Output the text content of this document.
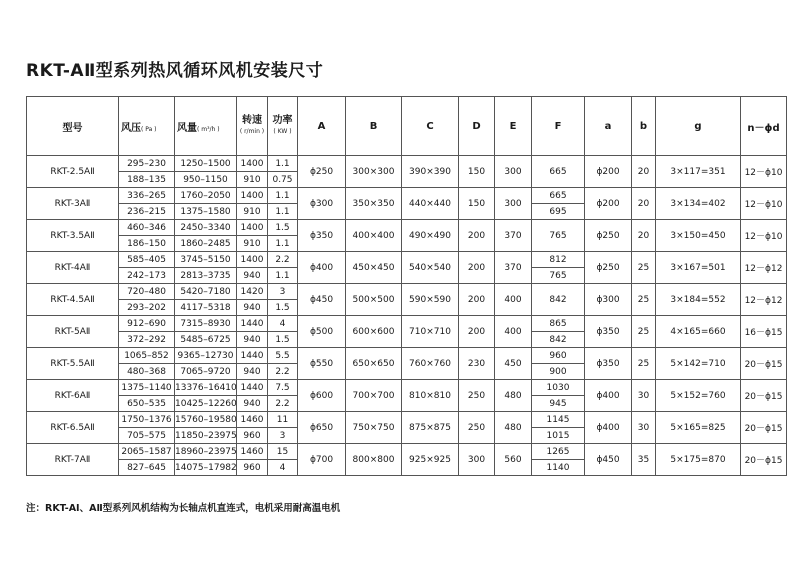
RKT-AⅡ型系列热风循环风机安装尺寸
型号	风压( Pa )	风量( m³/h )	转速
( r/min )	功率
( KW )	A	B	C	D	E	F	a	b	g	n－ϕd
RKT-2.5AⅡ	295–230	1250–1500	1400	1.1	ϕ250	300×300	390×390	150	300	665	ϕ200	20	3×117=351	12－ϕ10
	188–135	950–1150	910	0.75										
RKT-3AⅡ	336–265	1760–2050	1400	1.1	ϕ300	350×350	440×440	150	300	665	ϕ200	20	3×134=402	12－ϕ10
	236–215	1375–1580	910	1.1						695				
RKT-3.5AⅡ	460–346	2450–3340	1400	1.5	ϕ350	400×400	490×490	200	370	765	ϕ250	20	3×150=450	12－ϕ10
	186–150	1860–2485	910	1.1										
RKT-4AⅡ	585–405	3745–5150	1400	2.2	ϕ400	450×450	540×540	200	370	812	ϕ250	25	3×167=501	12－ϕ12
	242–173	2813–3735	940	1.1						765				
RKT-4.5AⅡ	720–480	5420–7180	1420	3	ϕ450	500×500	590×590	200	400	842	ϕ300	25	3×184=552	12－ϕ12
	293–202	4117–5318	940	1.5										
RKT-5AⅡ	912–690	7315–8930	1440	4	ϕ500	600×600	710×710	200	400	865	ϕ350	25	4×165=660	16－ϕ15
	372–292	5485–6725	940	1.5						842				
RKT-5.5AⅡ	1065–852	9365–12730	1440	5.5	ϕ550	650×650	760×760	230	450	960	ϕ350	25	5×142=710	20－ϕ15
	480–368	7065–9720	940	2.2						900				
RKT-6AⅡ	1375–1140	13376–16410	1440	7.5	ϕ600	700×700	810×810	250	480	1030	ϕ400	30	5×152=760	20－ϕ15
	650–535	10425–12260	940	2.2						945				
RKT-6.5AⅡ	1750–1376	15760–19580	1460	11	ϕ650	750×750	875×875	250	480	1145	ϕ400	30	5×165=825	20－ϕ15
	705–575	11850–23975	960	3						1015				
RKT-7AⅡ	2065–1587	18960–23975	1460	15	ϕ700	800×800	925×925	300	560	1265	ϕ450	35	5×175=870	20－ϕ15
	827–645	14075–17982	960	4						1140				
注：RKT-AⅠ、AⅡ型系列风机结构为长轴点机直连式，电机采用耐高温电机
